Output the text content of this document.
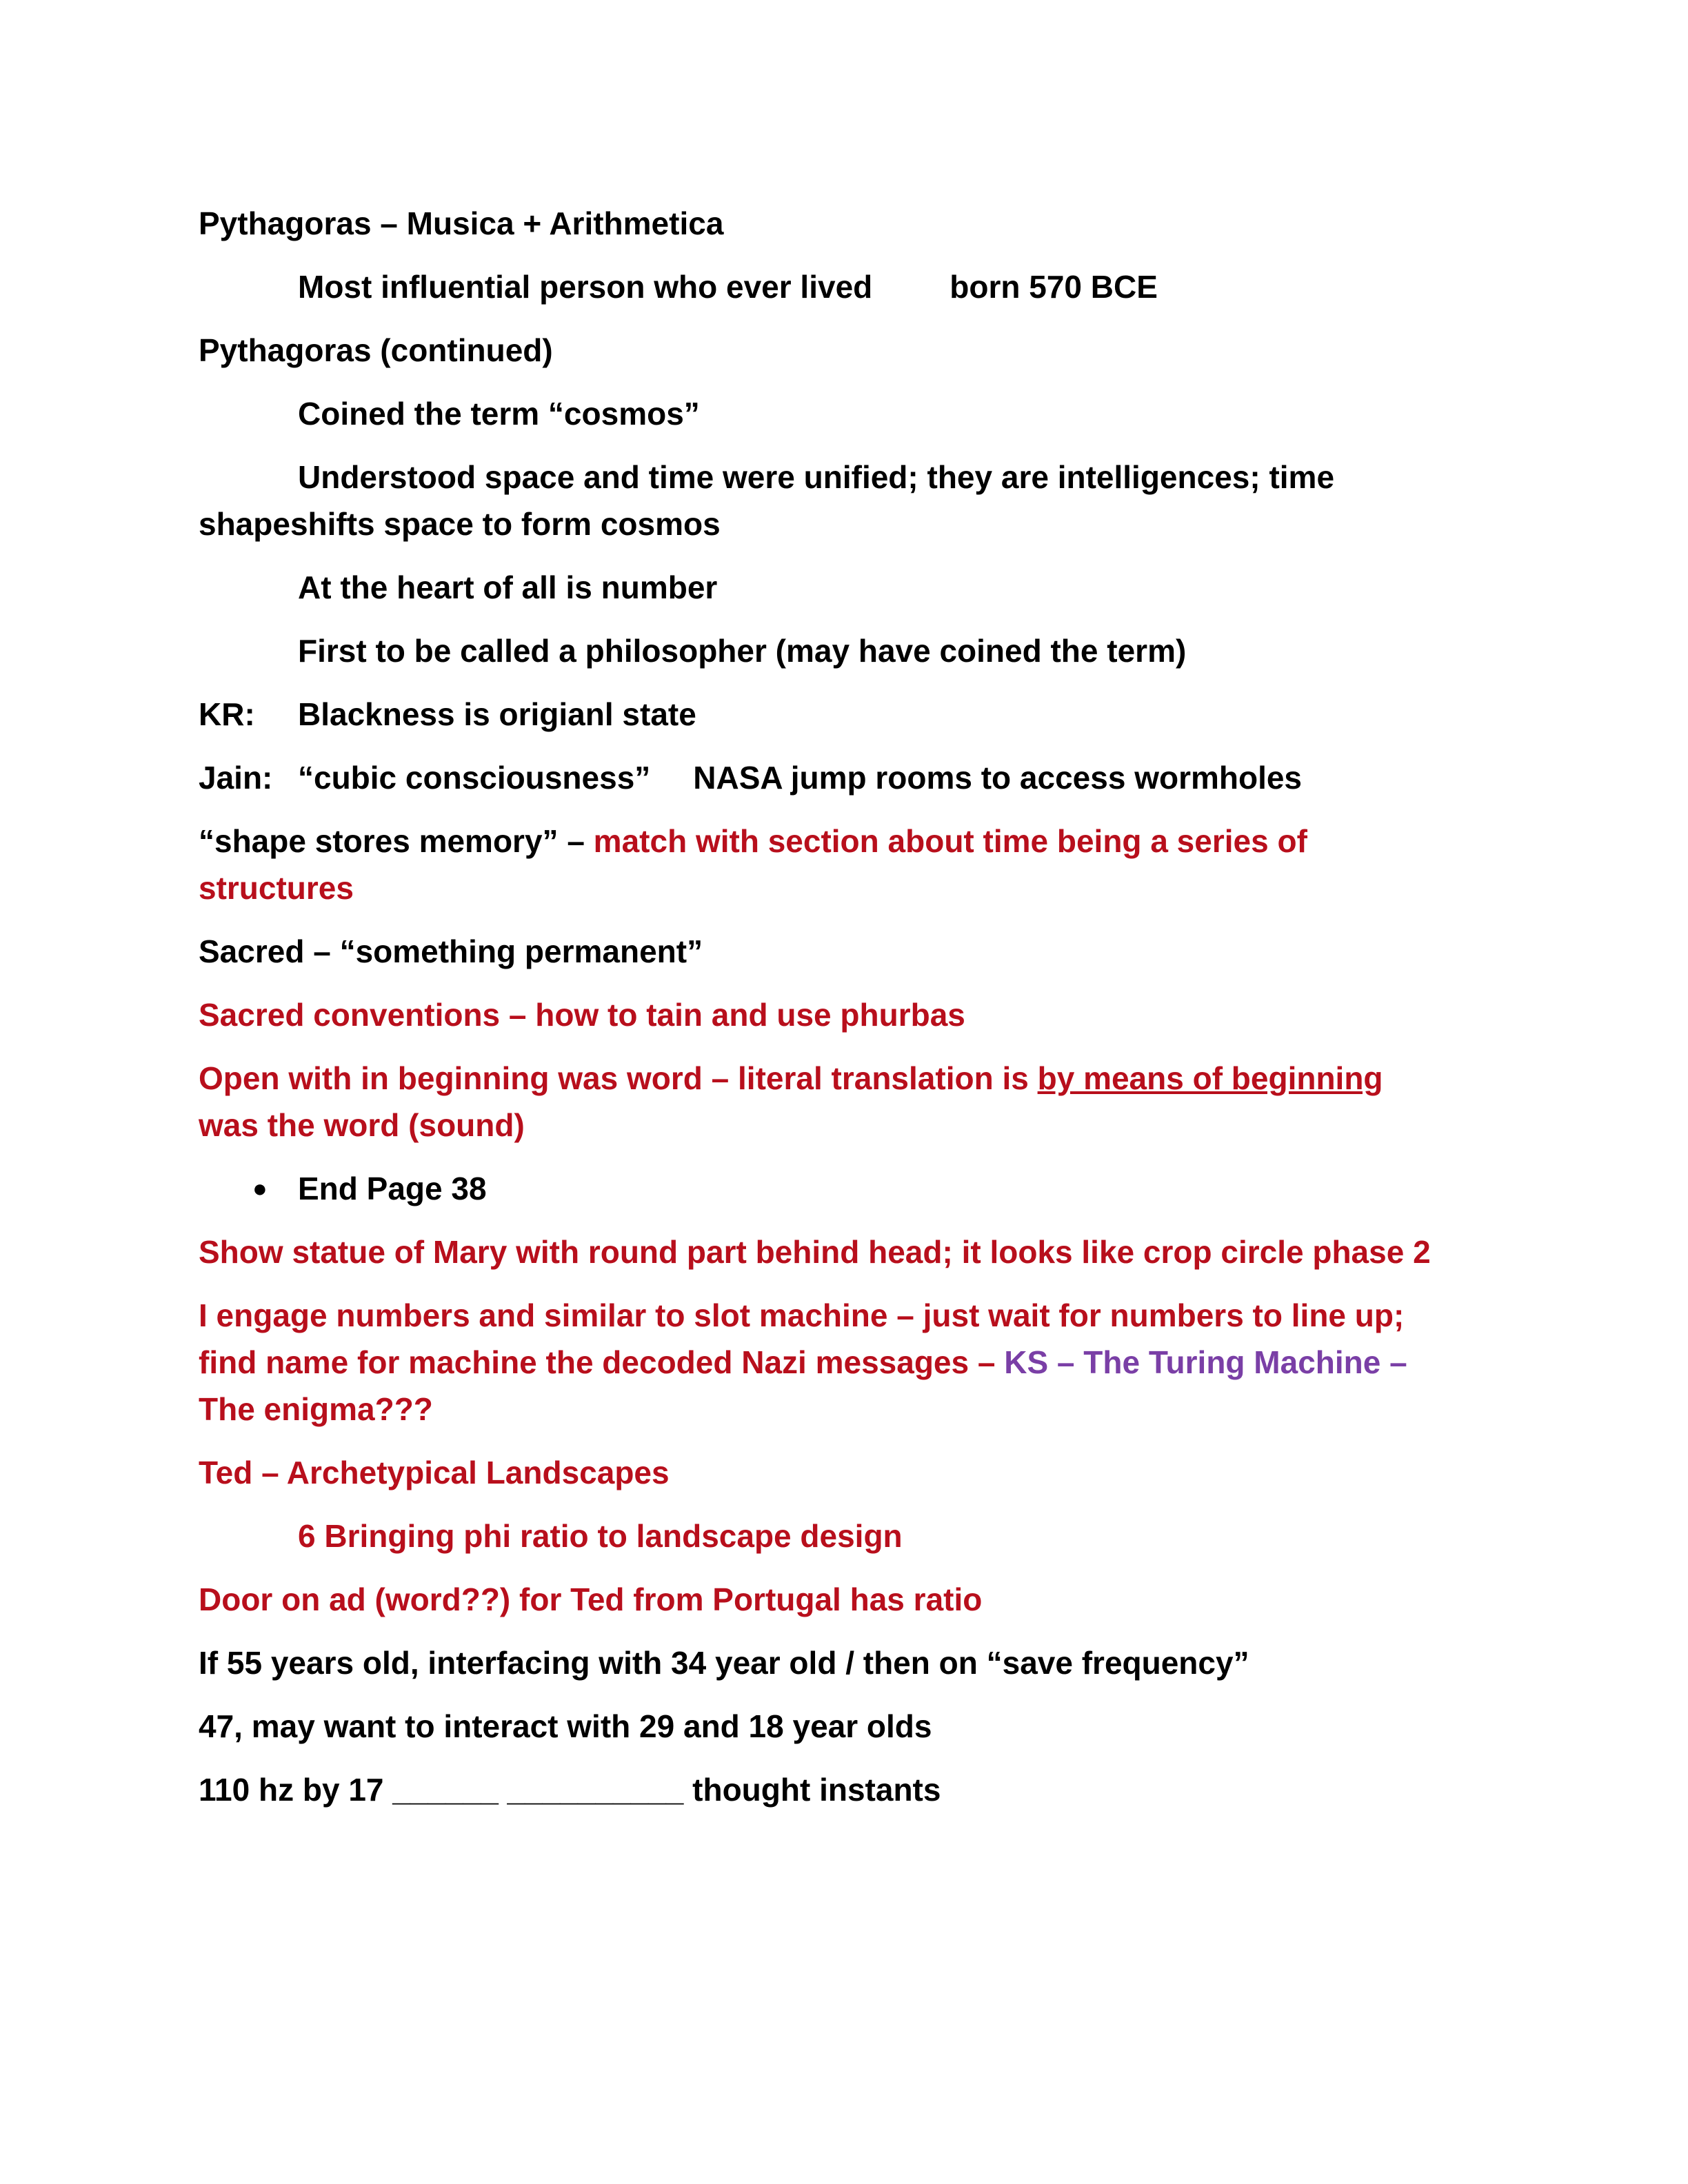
Pythagoras – Musica + Arithmetica
Most influential person who ever lived born 570 BCE
Pythagoras (continued)
Coined the term “cosmos”
Understood space and time were unified; they are intelligences; time
shapeshifts space to form cosmos
At the heart of all is number
First to be called a philosopher (may have coined the term)
KR: Blackness is origianl state
Jain: “cubic consciousness” NASA jump rooms to access wormholes
“shape stores memory” – match with section about time being a series of
structures
Sacred – “something permanent”
Sacred conventions – how to tain and use phurbas
Open with in beginning was word – literal translation is by means of beginning
was the word (sound)
● End Page 38
Show statue of Mary with round part behind head; it looks like crop circle phase 2
I engage numbers and similar to slot machine – just wait for numbers to line up;
find name for machine the decoded Nazi messages – KS – The Turing Machine –
The enigma???
Ted – Archetypical Landscapes
6 Bringing phi ratio to landscape design
Door on ad (word??) for Ted from Portugal has ratio
If 55 years old, interfacing with 34 year old / then on “save frequency”
47, may want to interact with 29 and 18 year olds
110 hz by 17 ______ __________ thought instants
